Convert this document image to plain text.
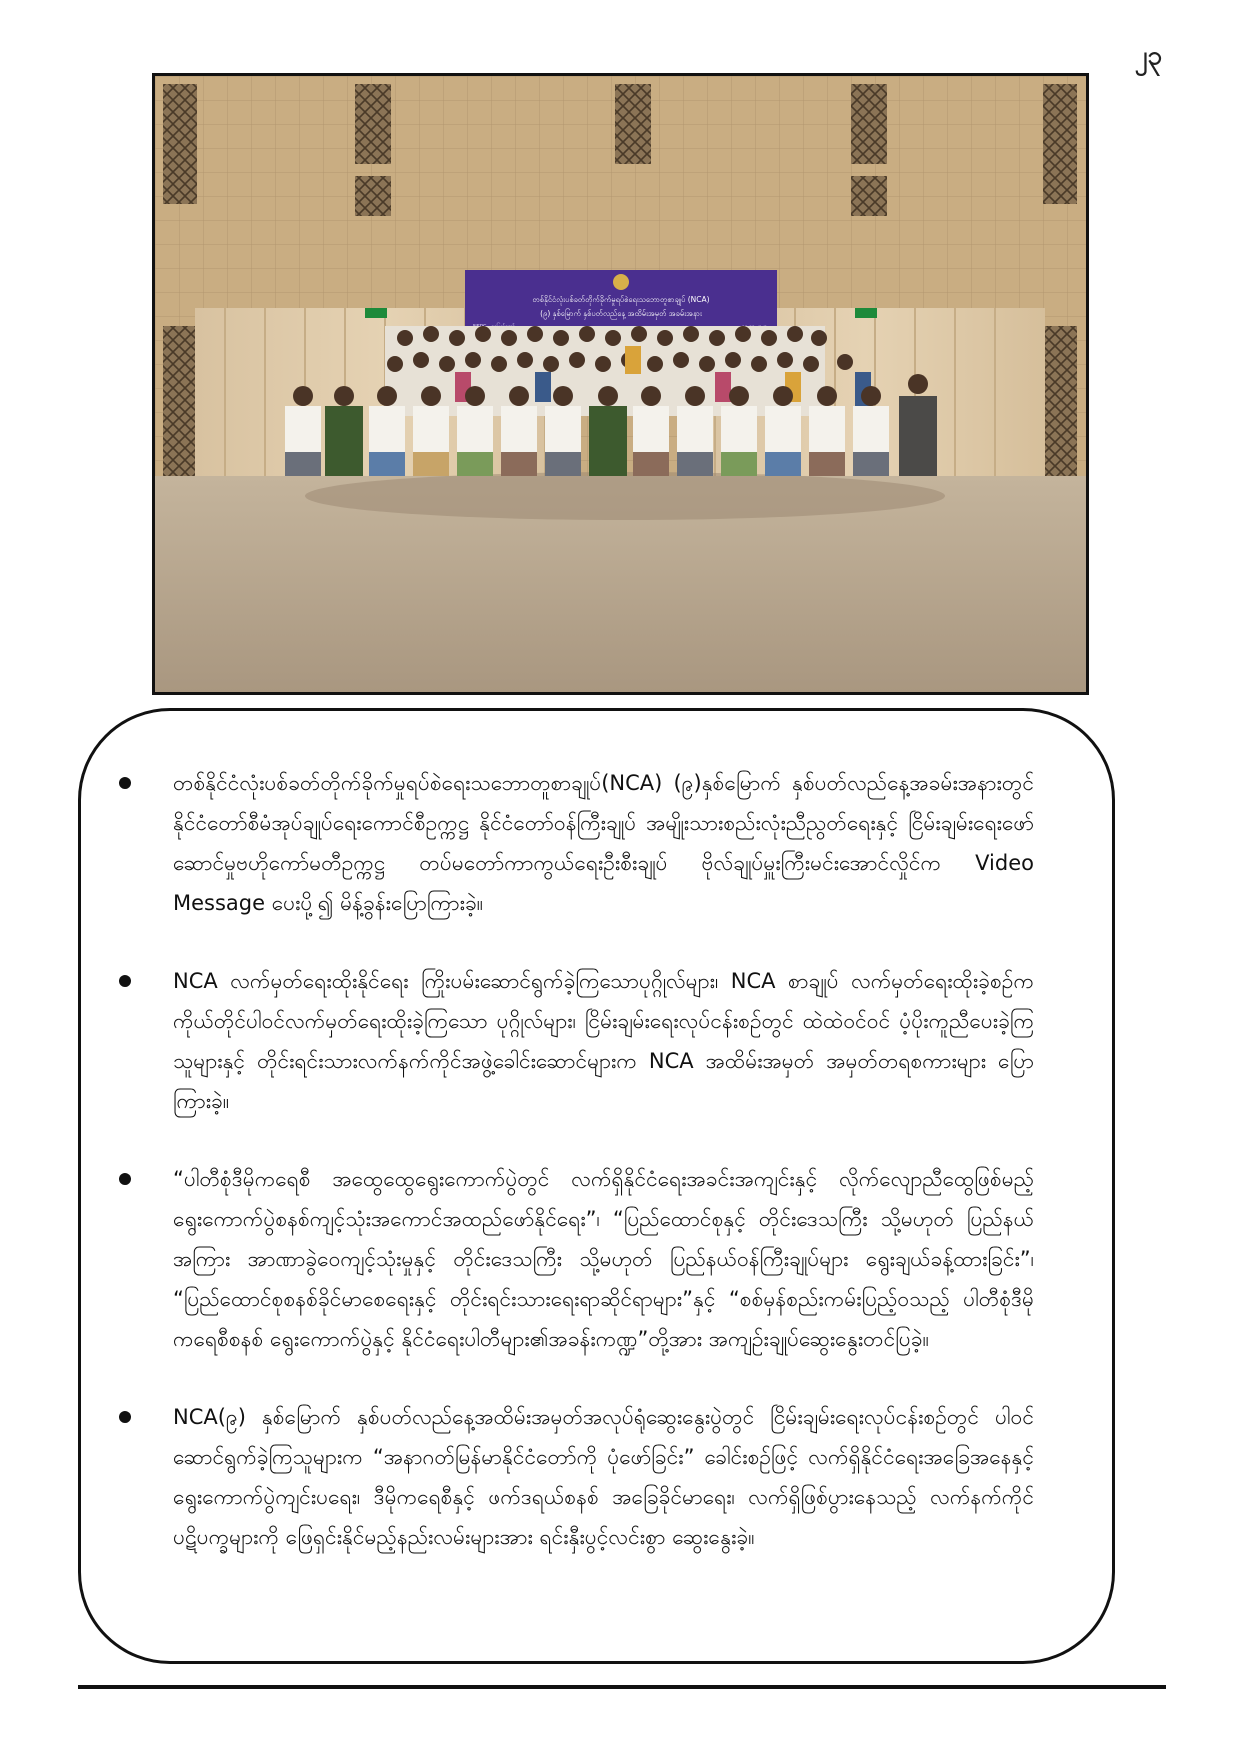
၂၃
တစ်နိုင်ငံလုံးပစ်ခတ်တိုက်ခိုက်မှုရပ်စဲရေးသဘောတူစာချုပ် (NCA)
(၉) နှစ်မြောက် နှစ်ပတ်လည်နေ့ အထိမ်းအမှတ် အခမ်းအနား
တစ်နိုင်ငံလုံးပစ်ခတ်တိုက်ခိုက်မှုရပ်စဲရေးသဘောတူစာချုပ်(NCA) (၉)နှစ်မြောက် နှစ်ပတ်လည်နေ့အခမ်းအနားတွင် နိုင်ငံတော်စီမံအုပ်ချုပ်ရေးကောင်စီဥက္ကဋ္ဌ နိုင်ငံတော်ဝန်ကြီးချုပ် အမျိုးသားစည်းလုံးညီညွတ်ရေးနှင့် ငြိမ်းချမ်းရေးဖော်ဆောင်မှုဗဟိုကော်မတီဥက္ကဋ္ဌ တပ်မတော်ကာကွယ်ရေးဦးစီးချုပ် ဗိုလ်ချုပ်မှူးကြီးမင်းအောင်လှိုင်က Video Message ပေးပို့၍ မိန့်ခွန်းပြောကြားခဲ့။
NCA လက်မှတ်ရေးထိုးနိုင်ရေး ကြိုးပမ်းဆောင်ရွက်ခဲ့ကြသောပုဂ္ဂိုလ်များ၊ NCA စာချုပ် လက်မှတ်ရေးထိုးခဲ့စဉ်က ကိုယ်တိုင်ပါဝင်လက်မှတ်ရေးထိုးခဲ့ကြသော ပုဂ္ဂိုလ်များ၊ ငြိမ်းချမ်းရေးလုပ်ငန်းစဉ်တွင် ထဲထဲဝင်ဝင် ပံ့ပိုးကူညီပေးခဲ့ကြသူများနှင့် တိုင်းရင်းသားလက်နက်ကိုင်အဖွဲ့ခေါင်းဆောင်များက NCA အထိမ်းအမှတ် အမှတ်တရစကားများ ပြောကြားခဲ့။
“ပါတီစုံဒီမိုကရေစီ အထွေထွေရွေးကောက်ပွဲတွင် လက်ရှိနိုင်ငံရေးအခင်းအကျင်းနှင့် လိုက်လျောညီထွေဖြစ်မည့် ရွေးကောက်ပွဲစနစ်ကျင့်သုံးအကောင်အထည်ဖော်နိုင်ရေး”၊ “ပြည်ထောင်စုနှင့် တိုင်းဒေသကြီး သို့မဟုတ် ပြည်နယ်အကြား အာဏာခွဲဝေကျင့်သုံးမှုနှင့် တိုင်းဒေသကြီး သို့မဟုတ် ပြည်နယ်ဝန်ကြီးချုပ်များ ရွေးချယ်ခန့်ထားခြင်း”၊ “ပြည်ထောင်စုစနစ်ခိုင်မာစေရေးနှင့် တိုင်းရင်းသားရေးရာဆိုင်ရာများ”နှင့် “စစ်မှန်စည်းကမ်းပြည့်ဝသည့် ပါတီစုံဒီမိုကရေစီစနစ် ရွေးကောက်ပွဲနှင့် နိုင်ငံရေးပါတီများ၏အခန်းကဏ္ဍ”တို့အား အကျဉ်းချုပ်ဆွေးနွေးတင်ပြခဲ့။
NCA(၉) နှစ်မြောက် နှစ်ပတ်လည်နေ့အထိမ်းအမှတ်အလုပ်ရုံဆွေးနွေးပွဲတွင် ငြိမ်းချမ်းရေးလုပ်ငန်းစဉ်တွင် ပါဝင်ဆောင်ရွက်ခဲ့ကြသူများက “အနာဂတ်မြန်မာနိုင်ငံတော်ကို ပုံဖော်ခြင်း” ခေါင်းစဉ်ဖြင့် လက်ရှိနိုင်ငံရေးအခြေအနေနှင့် ရွေးကောက်ပွဲကျင်းပရေး၊ ဒီမိုကရေစီနှင့် ဖက်ဒရယ်စနစ် အခြေခိုင်မာရေး၊ လက်ရှိဖြစ်ပွားနေသည့် လက်နက်ကိုင်ပဋိပက္ခများကို ဖြေရှင်းနိုင်မည့်နည်းလမ်းများအား ရင်းနှီးပွင့်လင်းစွာ ဆွေးနွေးခဲ့။
